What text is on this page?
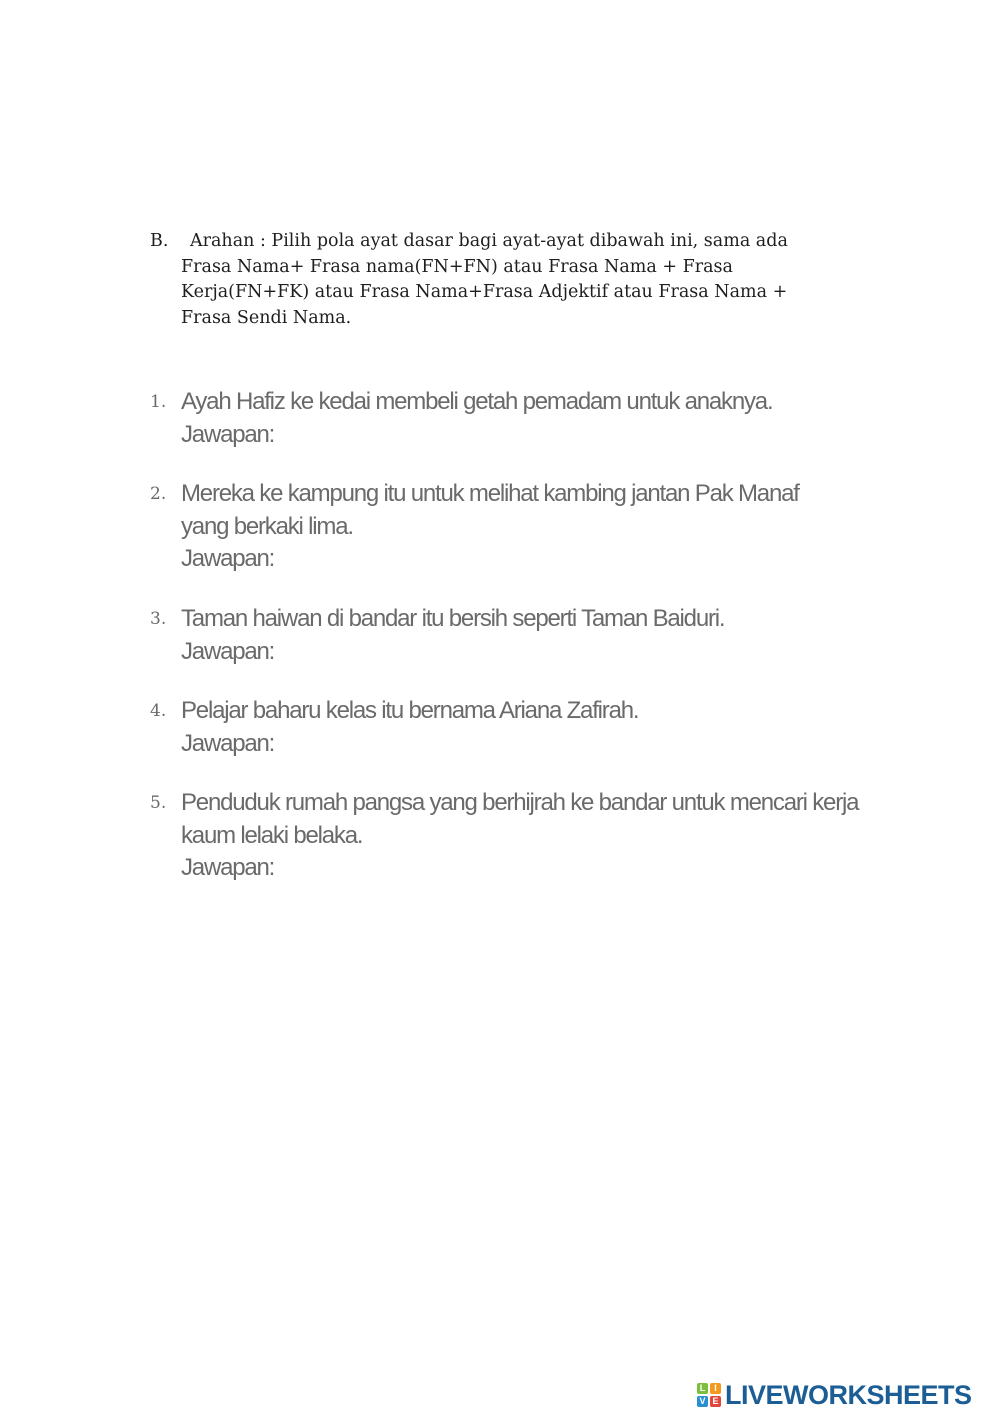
B.	Arahan : Pilih pola ayat dasar bagi ayat-ayat dibawah ini, sama ada
Frasa Nama+ Frasa nama(FN+FN) atau Frasa Nama + Frasa
Kerja(FN+FK) atau Frasa Nama+Frasa Adjektif atau Frasa Nama +
Frasa Sendi Nama.
1. Ayah Hafiz ke kedai membeli getah pemadam untuk anaknya.
Jawapan:
2. Mereka ke kampung itu untuk melihat kambing jantan Pak Manaf
yang berkaki lima.
Jawapan:
3. Taman haiwan di bandar itu bersih seperti Taman Baiduri.
Jawapan:
4. Pelajar baharu kelas itu bernama Ariana Zafirah.
Jawapan:
5. Penduduk rumah pangsa yang berhijrah ke bandar untuk mencari kerja
kaum lelaki belaka.
Jawapan:
L I
V E LIVEWORKSHEETS
